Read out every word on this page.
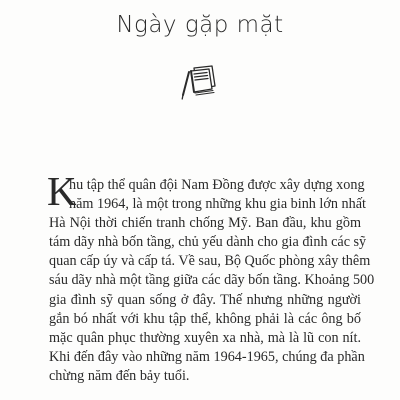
Ngày gặp mặt
K
hu tập thể quân đội Nam Đồng được xây dựng xong
năm 1964, là một trong những khu gia binh lớn nhất
Hà Nội thời chiến tranh chống Mỹ. Ban đầu, khu gồm
tám dãy nhà bốn tầng, chủ yếu dành cho gia đình các sỹ
quan cấp úy và cấp tá. Về sau, Bộ Quốc phòng xây thêm
sáu dãy nhà một tầng giữa các dãy bốn tầng. Khoảng 500
gia đình sỹ quan sống ở đây. Thế nhưng những người
gắn bó nhất với khu tập thể, không phải là các ông bố
mặc quân phục thường xuyên xa nhà, mà là lũ con nít.
Khi đến đây vào những năm 1964-1965, chúng đa phần
chừng năm đến bảy tuổi.
